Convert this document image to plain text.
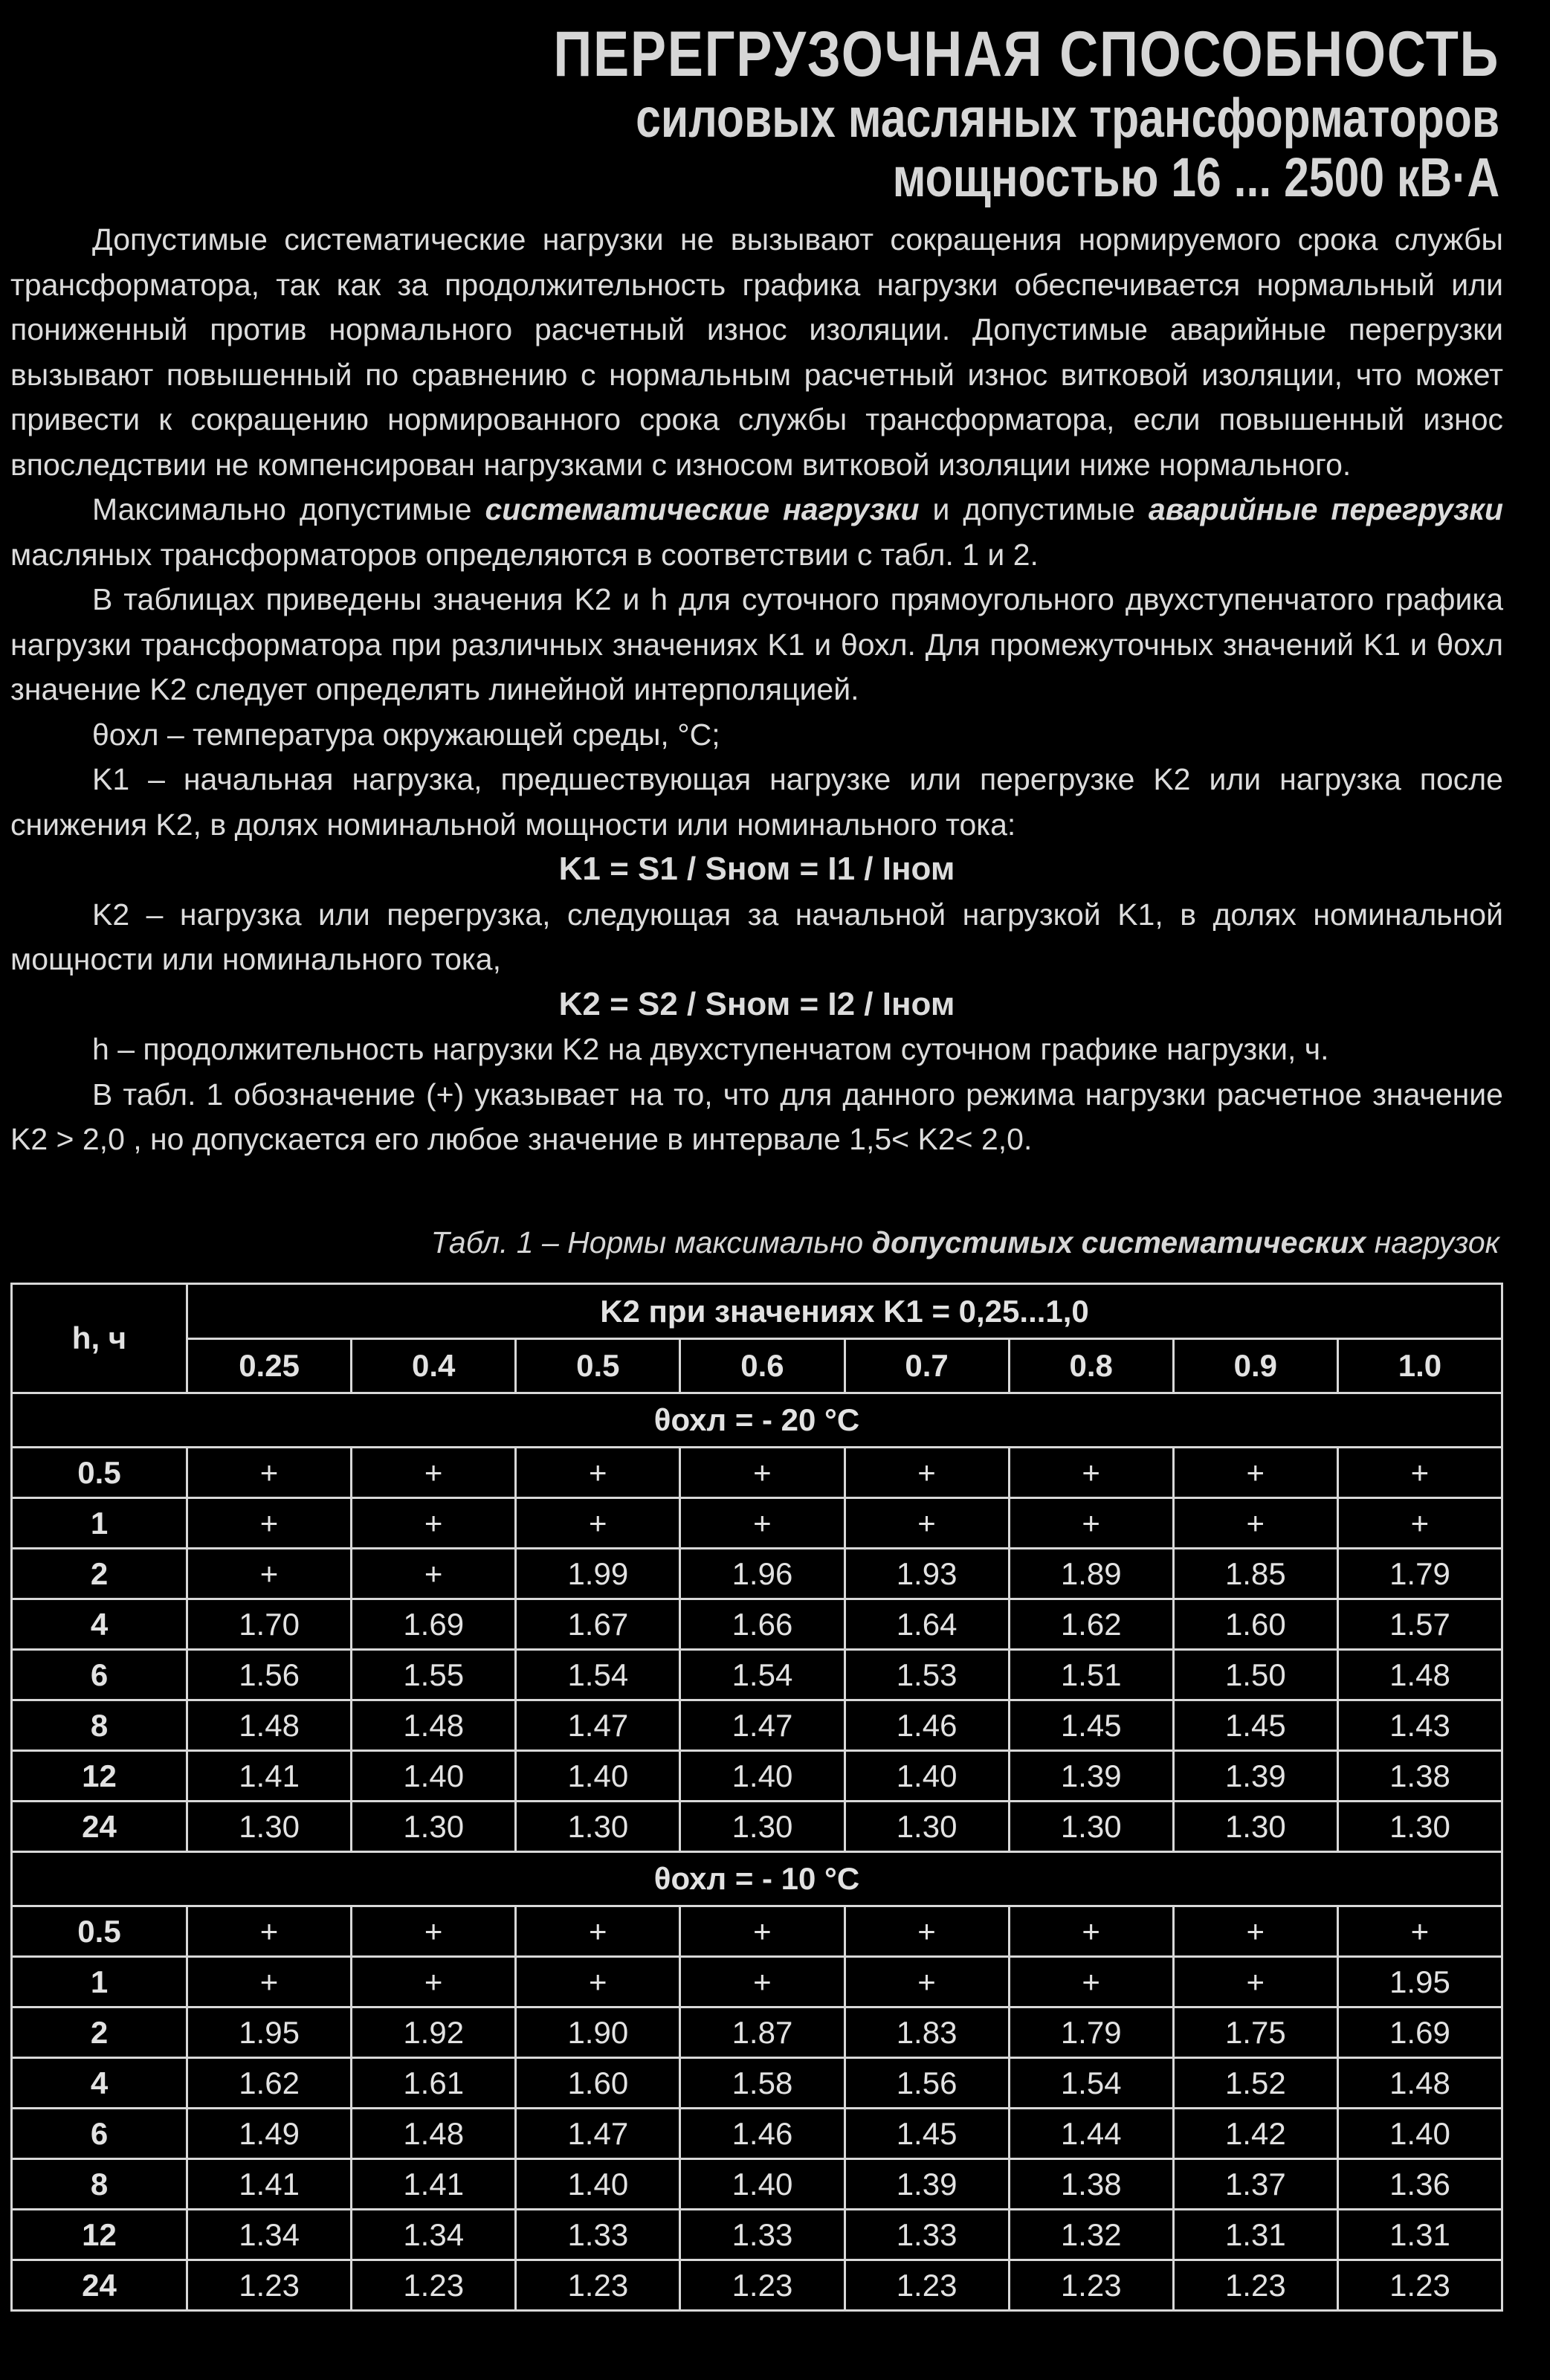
ПЕРЕГРУЗОЧНАЯ СПОСОБНОСТЬ
силовых масляных трансформаторов
мощностью 16 ... 2500 кВ·А

Допустимые систематические нагрузки не вызывают сокращения нормируемого срока службы трансформатора, так как за продолжительность графика нагрузки обеспечивается нормальный или пониженный против нормального расчетный износ изоляции. Допустимые аварийные перегрузки вызывают повышенный по сравнению с нормальным расчетный износ витковой изоляции, что может привести к сокращению нормированного срока службы трансформатора, если повышенный износ впоследствии не компенсирован нагрузками с износом витковой изоляции ниже нормального.

Максимально допустимые систематические нагрузки и допустимые аварийные перегрузки масляных трансформаторов определяются в соответствии с табл. 1 и 2.

В таблицах приведены значения K2 и h для суточного прямоугольного двухступенчатого графика нагрузки трансформатора при различных значениях K1 и θохл. Для промежуточных значений K1 и θохл значение K2 следует определять линейной интерполяцией.

θохл – температура окружающей среды, °С;

K1 – начальная нагрузка, предшествующая нагрузке или перегрузке K2 или нагрузка после снижения K2, в долях номинальной мощности или номинального тока:

K1 = S1 / Sном = I1 / Iном

K2 – нагрузка или перегрузка, следующая за начальной нагрузкой K1, в долях номинальной мощности или номинального тока,

K2 = S2 / Sном = I2 / Iном

h – продолжительность нагрузки K2 на двухступенчатом суточном графике нагрузки, ч.

В табл. 1 обозначение (+) указывает на то, что для данного режима нагрузки расчетное значение K2 > 2,0 , но допускается его любое значение в интервале 1,5< K2< 2,0.

Табл. 1 – Нормы максимально допустимых систематических нагрузок
h, ч	K2 при значениях K1 = 0,25...1,0							
	0.25	0.4	0.5	0.6	0.7	0.8	0.9	1.0
θохл = - 20 °С								
0.5	+	+	+	+	+	+	+	+
1	+	+	+	+	+	+	+	+
2	+	+	1.99	1.96	1.93	1.89	1.85	1.79
4	1.70	1.69	1.67	1.66	1.64	1.62	1.60	1.57
6	1.56	1.55	1.54	1.54	1.53	1.51	1.50	1.48
8	1.48	1.48	1.47	1.47	1.46	1.45	1.45	1.43
12	1.41	1.40	1.40	1.40	1.40	1.39	1.39	1.38
24	1.30	1.30	1.30	1.30	1.30	1.30	1.30	1.30
θохл = - 10 °С								
0.5	+	+	+	+	+	+	+	+
1	+	+	+	+	+	+	+	1.95
2	1.95	1.92	1.90	1.87	1.83	1.79	1.75	1.69
4	1.62	1.61	1.60	1.58	1.56	1.54	1.52	1.48
6	1.49	1.48	1.47	1.46	1.45	1.44	1.42	1.40
8	1.41	1.41	1.40	1.40	1.39	1.38	1.37	1.36
12	1.34	1.34	1.33	1.33	1.33	1.32	1.31	1.31
24	1.23	1.23	1.23	1.23	1.23	1.23	1.23	1.23
